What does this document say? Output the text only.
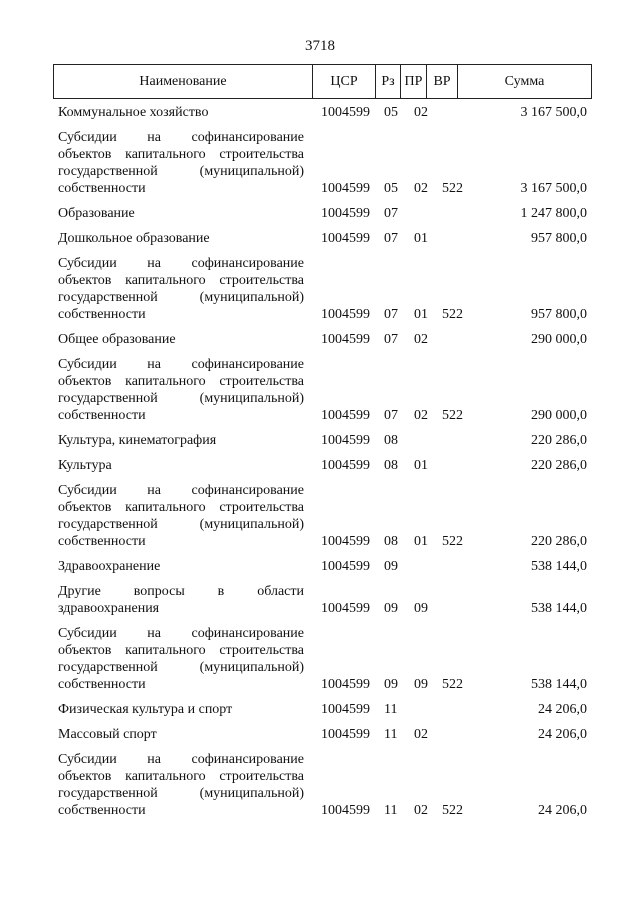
3718
Наименование	ЦСР	Рз ПР ВР	Сумма
Коммунальное хозяйство	1004599 05 02	3 167 500,0
Субсидии на софинансирование объектов капитального строительства государственной (муниципальной) собственности	1004599 05 02 522	3 167 500,0
Образование	1004599 07	1 247 800,0
Дошкольное образование	1004599 07 01	957 800,0
Субсидии на софинансирование объектов капитального строительства государственной (муниципальной) собственности	1004599 07 01 522	957 800,0
Общее образование	1004599 07 02	290 000,0
Субсидии на софинансирование объектов капитального строительства государственной (муниципальной) собственности	1004599 07 02 522	290 000,0
Культура, кинематография	1004599 08	220 286,0
Культура	1004599 08 01	220 286,0
Субсидии на софинансирование объектов капитального строительства государственной (муниципальной) собственности	1004599 08 01 522	220 286,0
Здравоохранение	1004599 09	538 144,0
Другие вопросы в области здравоохранения	1004599 09 09	538 144,0
Субсидии на софинансирование объектов капитального строительства государственной (муниципальной) собственности	1004599 09 09 522	538 144,0
Физическая культура и спорт	1004599 11	24 206,0
Массовый спорт	1004599 11 02	24 206,0
Субсидии на софинансирование объектов капитального строительства государственной (муниципальной) собственности	1004599 11 02 522	24 206,0
